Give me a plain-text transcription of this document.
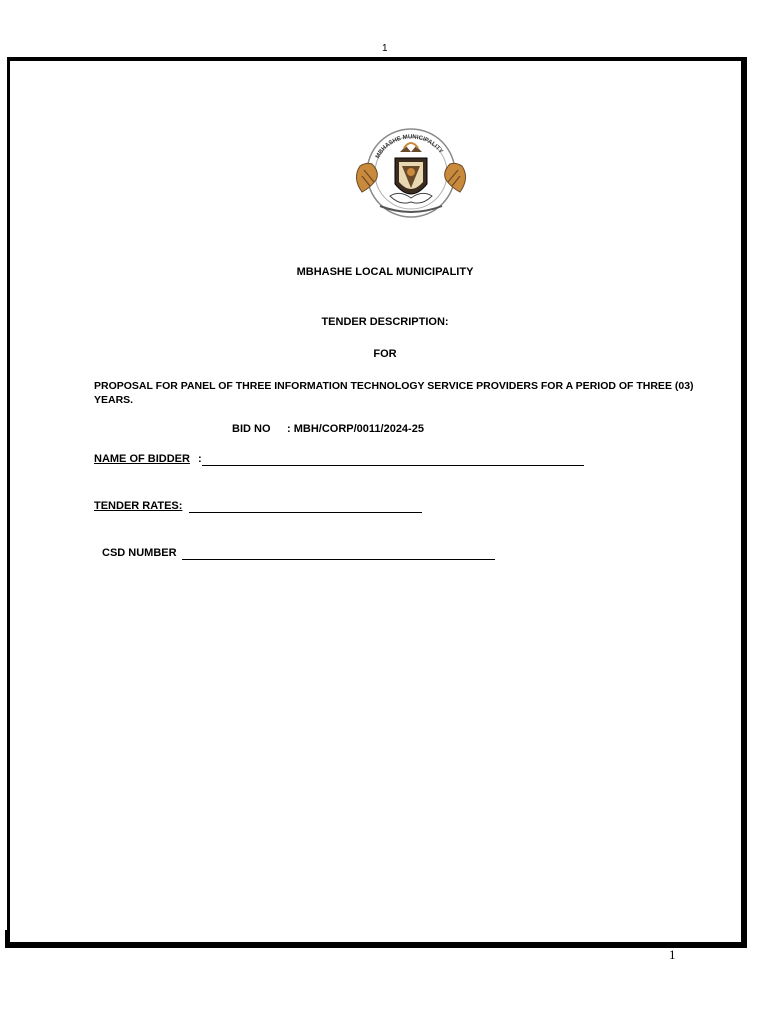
1
MBHASHE MUNICIPALITY
MBHASHE LOCAL MUNICIPALITY
TENDER DESCRIPTION:
FOR
PROPOSAL FOR PANEL OF THREE INFORMATION TECHNOLOGY SERVICE PROVIDERS FOR A PERIOD OF THREE (03) YEARS.
BID NO : MBH/CORP/0011/2024-25
NAME OF BIDDER :
TENDER RATES:
CSD NUMBER
1
